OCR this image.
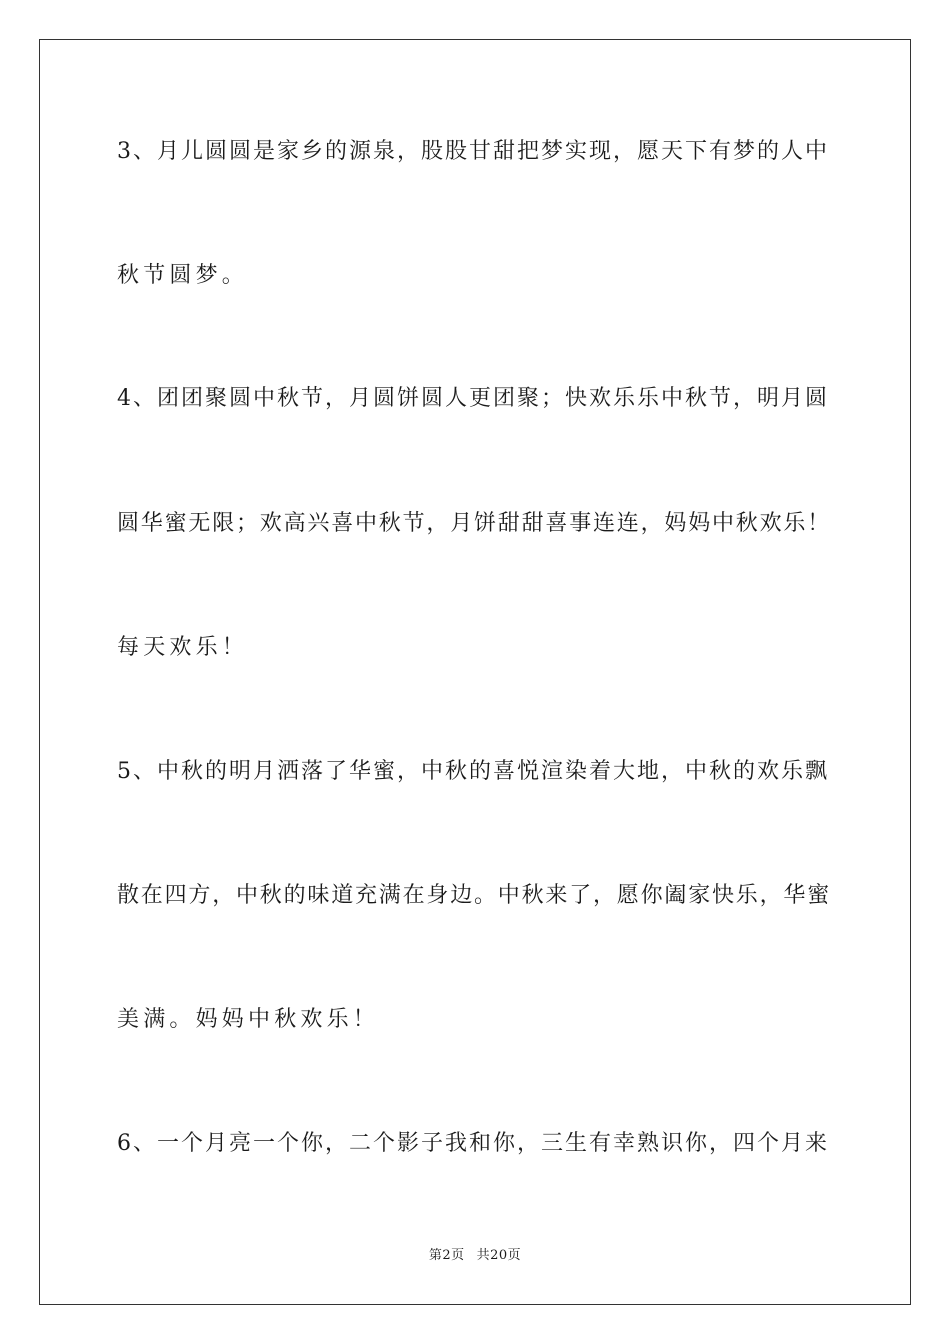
3、月儿圆圆是家乡的源泉，股股甘甜把梦实现，愿天下有梦的人中
秋节圆梦。
4、团团聚圆中秋节，月圆饼圆人更团聚；快欢乐乐中秋节，明月圆
圆华蜜无限；欢高兴喜中秋节，月饼甜甜喜事连连，妈妈中秋欢乐！
每天欢乐！
5、中秋的明月洒落了华蜜，中秋的喜悦渲染着大地，中秋的欢乐飘
散在四方，中秋的味道充满在身边。中秋来了，愿你阖家快乐，华蜜
美满。妈妈中秋欢乐！
6、一个月亮一个你，二个影子我和你，三生有幸熟识你，四个月来
第2页 共20页
